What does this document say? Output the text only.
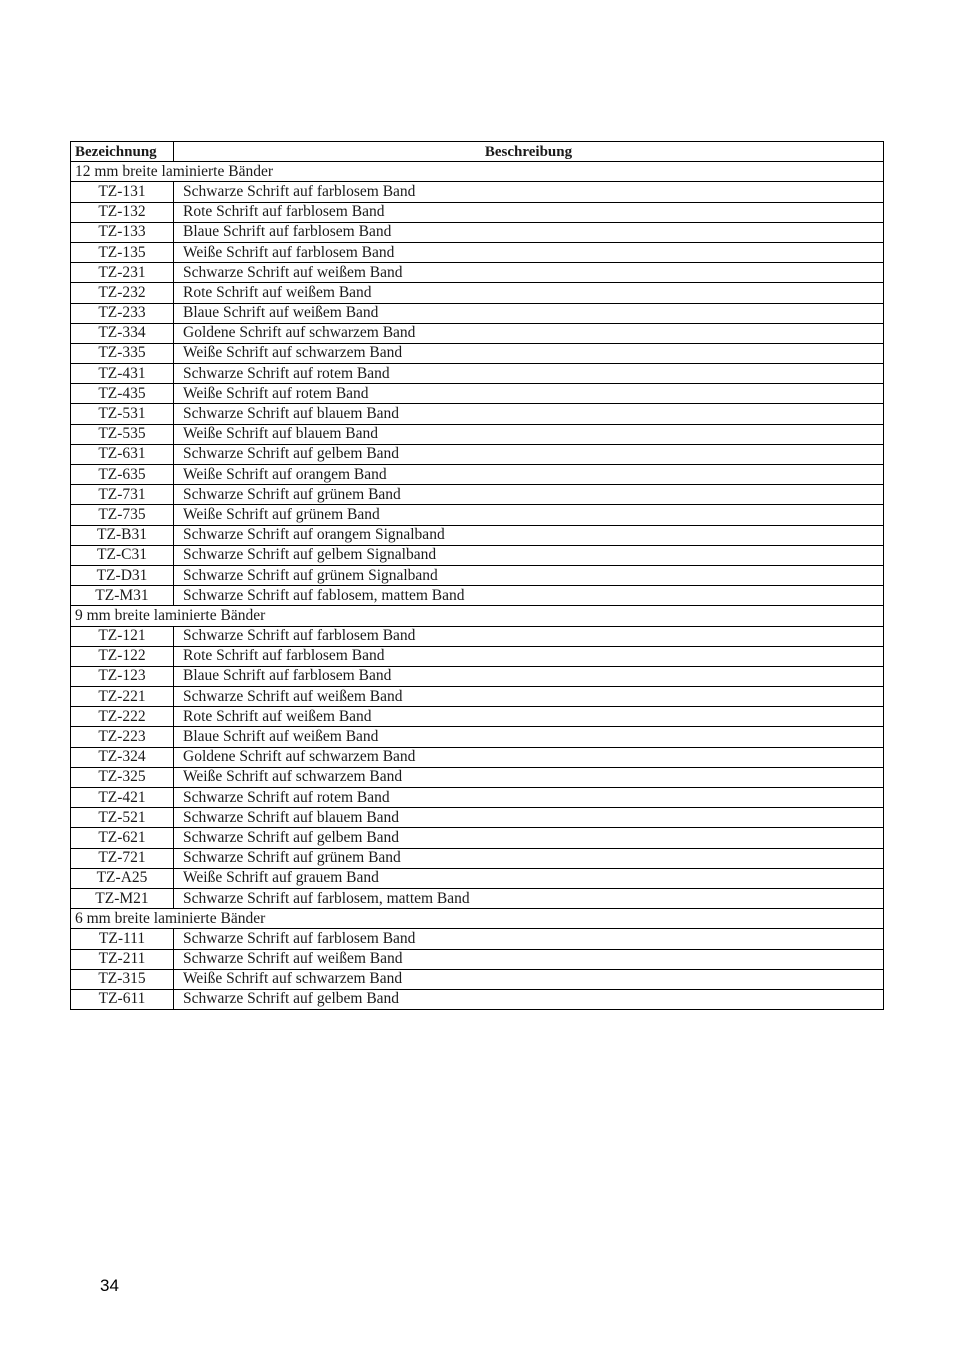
Bezeichnung	Beschreibung
12 mm breite laminierte Bänder	
TZ-131	Schwarze Schrift auf farblosem Band
TZ-132	Rote Schrift auf farblosem Band
TZ-133	Blaue Schrift auf farblosem Band
TZ-135	Weiße Schrift auf farblosem Band
TZ-231	Schwarze Schrift auf weißem Band
TZ-232	Rote Schrift auf weißem Band
TZ-233	Blaue Schrift auf weißem Band
TZ-334	Goldene Schrift auf schwarzem Band
TZ-335	Weiße Schrift auf schwarzem Band
TZ-431	Schwarze Schrift auf rotem Band
TZ-435	Weiße Schrift auf rotem Band
TZ-531	Schwarze Schrift auf blauem Band
TZ-535	Weiße Schrift auf blauem Band
TZ-631	Schwarze Schrift auf gelbem Band
TZ-635	Weiße Schrift auf orangem Band
TZ-731	Schwarze Schrift auf grünem Band
TZ-735	Weiße Schrift auf grünem Band
TZ-B31	Schwarze Schrift auf orangem Signalband
TZ-C31	Schwarze Schrift auf gelbem Signalband
TZ-D31	Schwarze Schrift auf grünem Signalband
TZ-M31	Schwarze Schrift auf fablosem, mattem Band
9 mm breite laminierte Bänder	
TZ-121	Schwarze Schrift auf farblosem Band
TZ-122	Rote Schrift auf farblosem Band
TZ-123	Blaue Schrift auf farblosem Band
TZ-221	Schwarze Schrift auf weißem Band
TZ-222	Rote Schrift auf weißem Band
TZ-223	Blaue Schrift auf weißem Band
TZ-324	Goldene Schrift auf schwarzem Band
TZ-325	Weiße Schrift auf schwarzem Band
TZ-421	Schwarze Schrift auf rotem Band
TZ-521	Schwarze Schrift auf blauem Band
TZ-621	Schwarze Schrift auf gelbem Band
TZ-721	Schwarze Schrift auf grünem Band
TZ-A25	Weiße Schrift auf grauem Band
TZ-M21	Schwarze Schrift auf farblosem, mattem Band
6 mm breite laminierte Bänder	
TZ-111	Schwarze Schrift auf farblosem Band
TZ-211	Schwarze Schrift auf weißem Band
TZ-315	Weiße Schrift auf schwarzem Band
TZ-611	Schwarze Schrift auf gelbem Band
34
